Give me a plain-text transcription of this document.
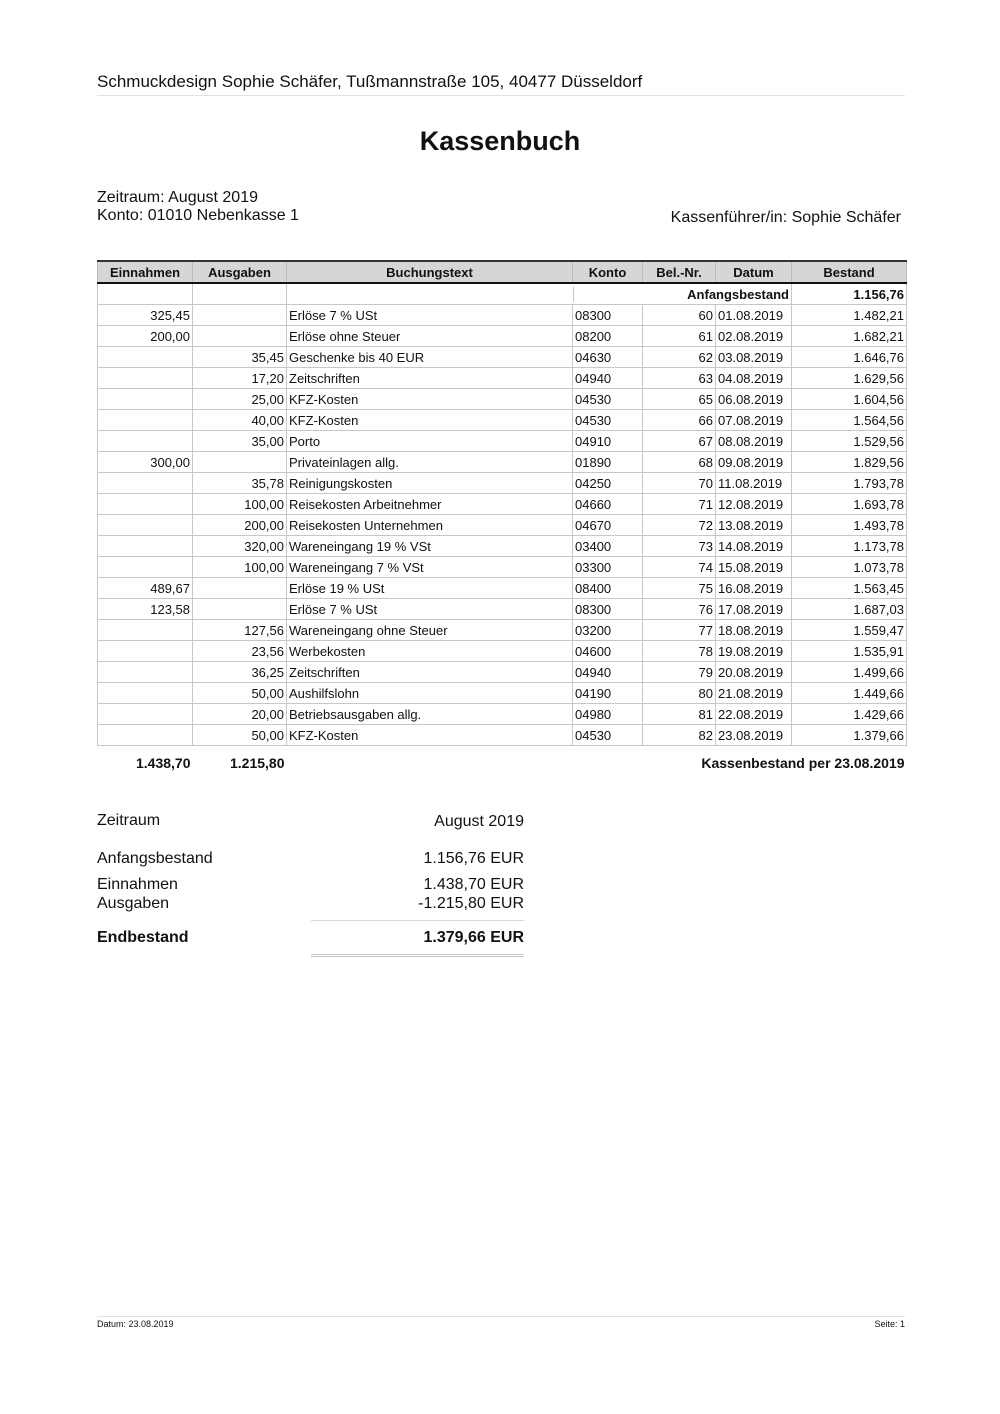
Schmuckdesign Sophie Schäfer, Tußmannstraße 105, 40477 Düsseldorf
Kassenbuch
Zeitraum: August 2019
Konto: 01010 Nebenkasse 1	Kassenführer/in: Sophie Schäfer
Einnahmen	Ausgaben	Buchungstext	Konto	Bel.-Nr.	Datum	Bestand	

		Anfangsbestand				1.156,76	
325,45		Erlöse 7 % USt	08300	60	01.08.2019	1.482,21	
200,00		Erlöse ohne Steuer	08200	61	02.08.2019	1.682,21	
	35,45	Geschenke bis 40 EUR	04630	62	03.08.2019	1.646,76	
	17,20	Zeitschriften	04940	63	04.08.2019	1.629,56	
	25,00	KFZ-Kosten	04530	65	06.08.2019	1.604,56	
	40,00	KFZ-Kosten	04530	66	07.08.2019	1.564,56	
	35,00	Porto	04910	67	08.08.2019	1.529,56	
300,00		Privateinlagen allg.	01890	68	09.08.2019	1.829,56	
	35,78	Reinigungskosten	04250	70	11.08.2019	1.793,78	
	100,00	Reisekosten Arbeitnehmer	04660	71	12.08.2019	1.693,78	
	200,00	Reisekosten Unternehmen	04670	72	13.08.2019	1.493,78	
	320,00	Wareneingang 19 % VSt	03400	73	14.08.2019	1.173,78	
	100,00	Wareneingang 7 % VSt	03300	74	15.08.2019	1.073,78	
489,67		Erlöse 19 % USt	08400	75	16.08.2019	1.563,45	
123,58		Erlöse 7 % USt	08300	76	17.08.2019	1.687,03	
	127,56	Wareneingang ohne Steuer	03200	77	18.08.2019	1.559,47	
	23,56	Werbekosten	04600	78	19.08.2019	1.535,91	
	36,25	Zeitschriften	04940	79	20.08.2019	1.499,66	
	50,00	Aushilfslohn	04190	80	21.08.2019	1.449,66	
	20,00	Betriebsausgaben allg.	04980	81	22.08.2019	1.429,66	
	50,00	KFZ-Kosten	04530	82	23.08.2019	1.379,66	
1.438,70	1.215,80		Kassenbestand per 23.08.2019	
Zeitraum	August 2019
Anfangsbestand	1.156,76 EUR
Einnahmen	1.438,70 EUR
Ausgaben	-1.215,80 EUR
Endbestand	1.379,66 EUR
Datum: 23.08.2019	Seite: 1
